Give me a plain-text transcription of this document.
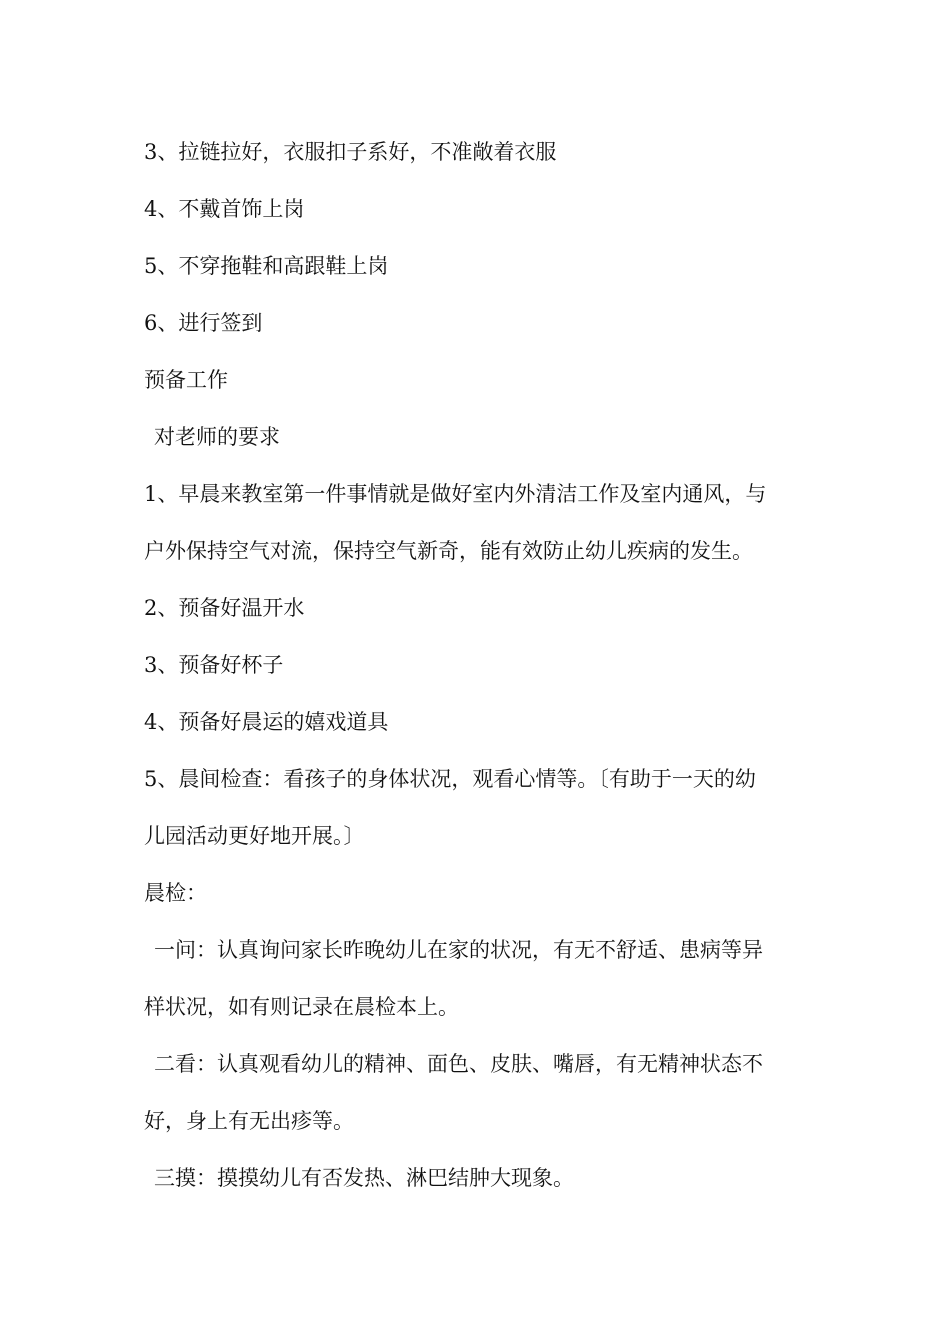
3、拉链拉好，衣服扣子系好，不准敞着衣服
4、不戴首饰上岗
5、不穿拖鞋和高跟鞋上岗
6、进行签到
预备工作
对老师的要求
1、早晨来教室第一件事情就是做好室内外清洁工作及室内通风，与
户外保持空气对流，保持空气新奇，能有效防止幼儿疾病的发生。
2、预备好温开水
3、预备好杯子
4、预备好晨运的嬉戏道具
5、晨间检查：看孩子的身体状况，观看心情等。〔有助于一天的幼
儿园活动更好地开展。〕
晨检：
一问：认真询问家长昨晚幼儿在家的状况，有无不舒适、患病等异
样状况，如有则记录在晨检本上。
二看：认真观看幼儿的精神、面色、皮肤、嘴唇，有无精神状态不
好，身上有无出疹等。
三摸：摸摸幼儿有否发热、淋巴结肿大现象。
